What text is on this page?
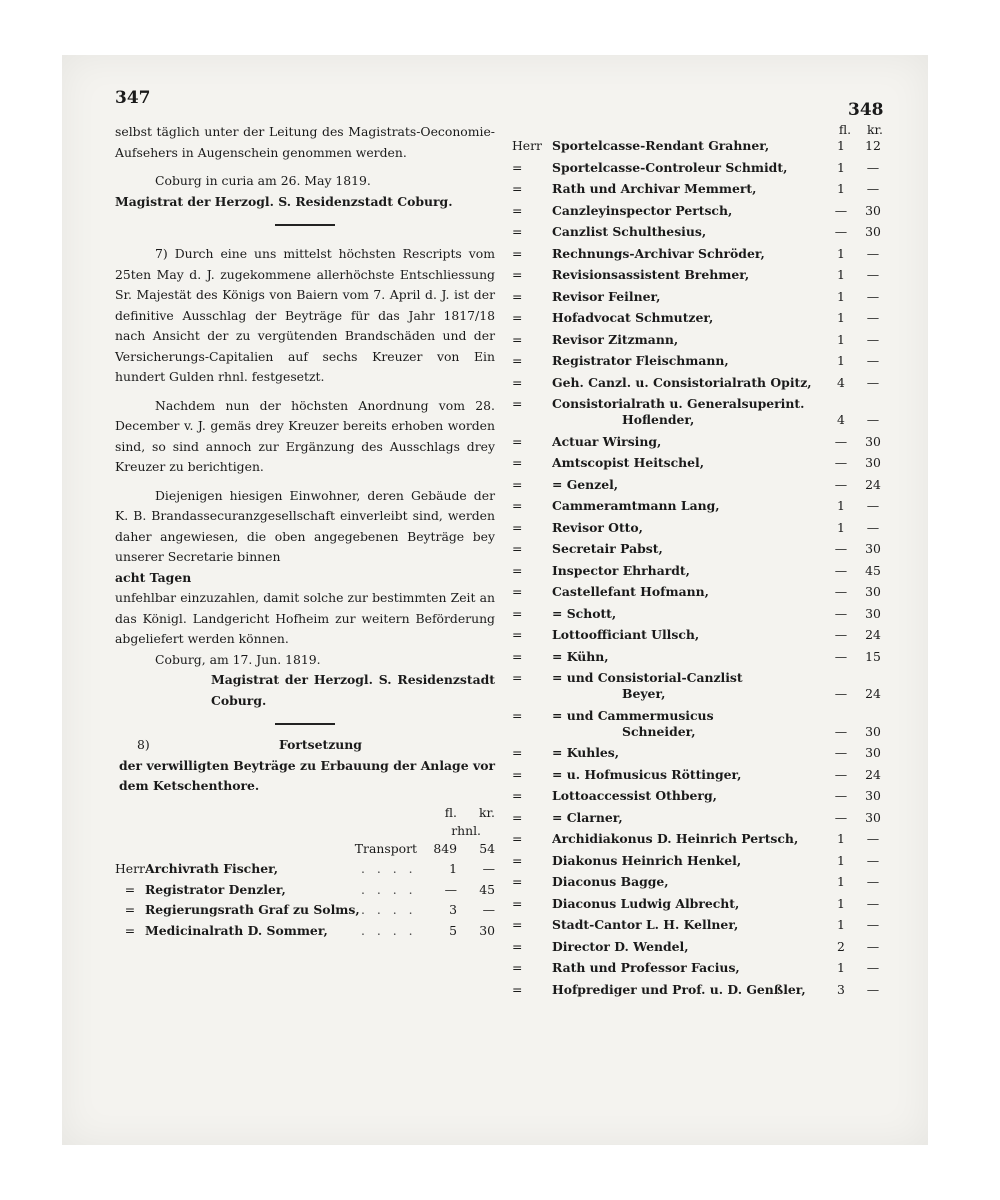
347
348

selbst täglich unter der Leitung des Magistrats-Oeconomie-Aufsehers in Augenschein genommen werden.

Coburg in curia am 26. May 1819.

Magistrat der Herzogl. S. Residenzstadt Coburg.

7) Durch eine uns mittelst höchsten Rescripts vom 25ten May d. J. zugekommene allerhöchste Entschliessung Sr. Majestät des Königs von Baiern vom 7. April d. J. ist der definitive Ausschlag der Beyträge für das Jahr 1817/18 nach Ansicht der zu vergütenden Brandschäden und der Versicherungs-Capitalien auf sechs Kreuzer von Ein hundert Gulden rhnl. festgesetzt.

Nachdem nun der höchsten Anordnung vom 28. December v. J. gemäs drey Kreuzer bereits erhoben worden sind, so sind annoch zur Ergänzung des Ausschlags drey Kreuzer zu berichtigen.

Diejenigen hiesigen Einwohner, deren Gebäude der K. B. Brandassecuranzgesellschaft einverleibt sind, werden daher angewiesen, die oben angegebenen Beyträge bey unserer Secretarie binnen

acht Tagen

unfehlbar einzuzahlen, damit solche zur bestimmten Zeit an das Königl. Landgericht Hofheim zur weitern Beförderung abgeliefert werden können.

Coburg, am 17. Jun. 1819.

Magistrat der Herzogl. S. Residenzstadt Coburg.

8)	Fortsetzung

der verwilligten Beyträge zu Erbauung der Anlage vor dem Ketschenthore.

fl.	kr.
rhnl.
Transport	849	54
Herr Archivrath Fischer,	. . . .	1	—
= Registrator Denzler,	. . . .	—	45
= Regierungsrath Graf zu Solms, . . . .	3	—
= Medicinalrath D. Sommer,	. . . .	5	30
fl.	kr.
Herr Sportelcasse-Rendant Grahner,	1	12
=	Sportelcasse-Controleur Schmidt,	1	—
=	Rath und Archivar Memmert,	1	—
=	Canzleyinspector Pertsch,	—	30
=	Canzlist Schulthesius,	—	30
=	Rechnungs-Archivar Schröder,	1	—
=	Revisionsassistent Brehmer,	1	—
=	Revisor Feilner,	1	—
=	Hofadvocat Schmutzer,	1	—
=	Revisor Zitzmann,	1	—
=	Registrator Fleischmann,	1	—
=	Geh. Canzl. u. Consistorialrath Opitz,	4	—
=	Consistorialrath u. Generalsuperint.
Hoflender,	4	—
=	Actuar Wirsing,	—	30
=	Amtscopist Heitschel,	—	30
=	= Genzel,	—	24
=	Cammeramtmann Lang,	1	—
=	Revisor Otto,	1	—
=	Secretair Pabst,	—	30
=	Inspector Ehrhardt,	—	45
=	Castellefant Hofmann,	—	30
=	= Schott,	—	30
=	Lottoofficiant Ullsch,	—	24
=	= Kühn,	—	15
=	= und Consistorial-Canzlist
Beyer,	—	24
=	= und Cammermusicus
Schneider,	—	30
=	= Kuhles,	—	30
=	= u. Hofmusicus Röttinger,	—	24
=	Lottoaccessist Othberg,	—	30
=	= Clarner,	—	30
=	Archidiakonus D. Heinrich Pertsch,	1	—
=	Diakonus Heinrich Henkel,	1	—
=	Diaconus Bagge,	1	—
=	Diaconus Ludwig Albrecht,	1	—
=	Stadt-Cantor L. H. Kellner,	1	—
=	Director D. Wendel,	2	—
=	Rath und Professor Facius,	1	—
=	Hofprediger und Prof. u. D. Genßler,	3	—
